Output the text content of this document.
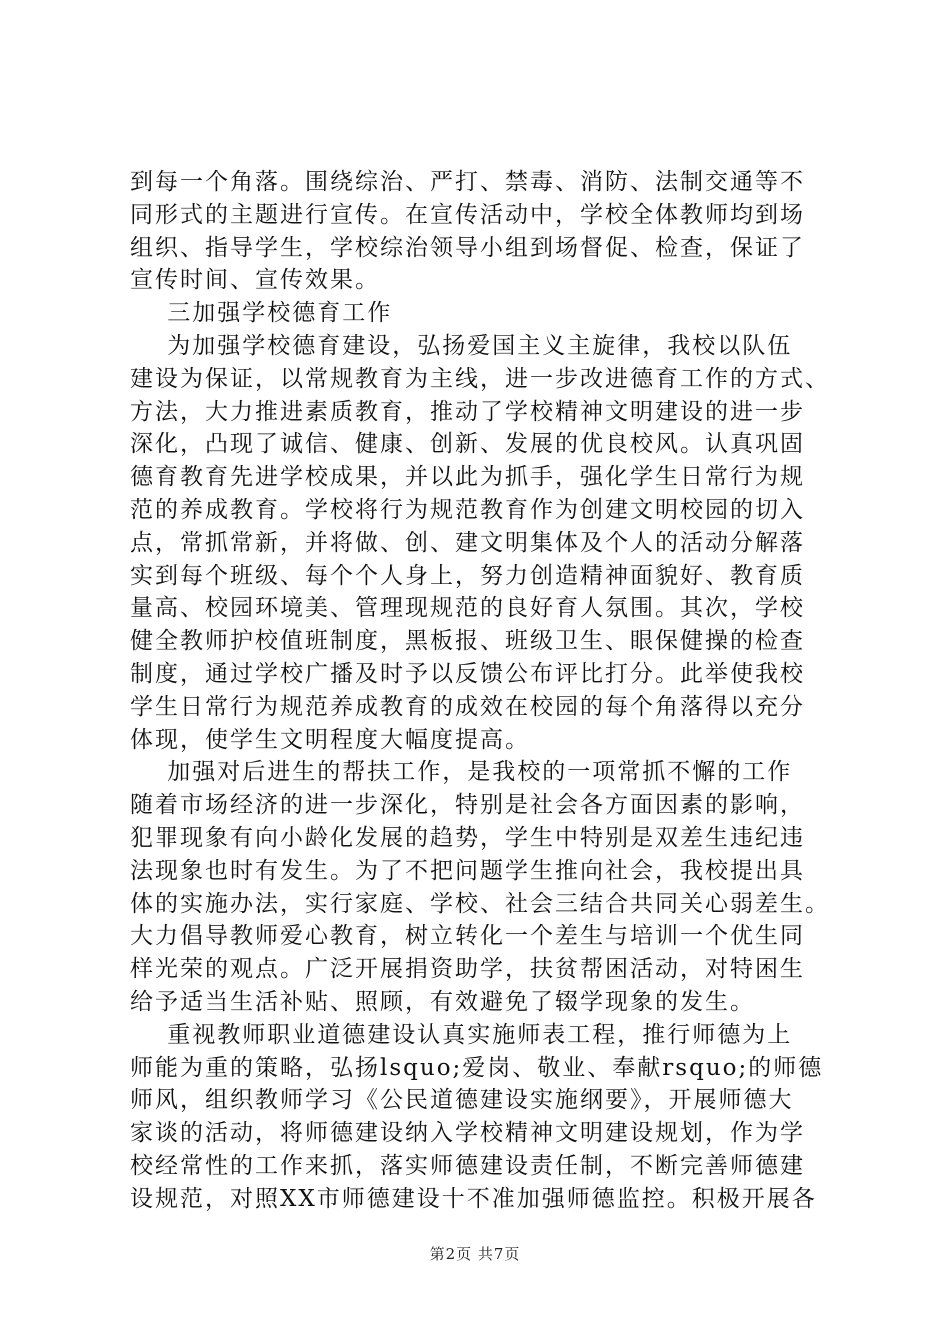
到每一个角落。围绕综治、严打、禁毒、消防、法制交通等不
同形式的主题进行宣传。在宣传活动中，学校全体教师均到场
组织、指导学生，学校综治领导小组到场督促、检查，保证了
宣传时间、宣传效果。

三加强学校德育工作

为加强学校德育建设，弘扬爱国主义主旋律，我校以队伍
建设为保证，以常规教育为主线，进一步改进德育工作的方式、
方法，大力推进素质教育，推动了学校精神文明建设的进一步
深化，凸现了诚信、健康、创新、发展的优良校风。认真巩固
德育教育先进学校成果，并以此为抓手，强化学生日常行为规
范的养成教育。学校将行为规范教育作为创建文明校园的切入
点，常抓常新，并将做、创、建文明集体及个人的活动分解落
实到每个班级、每个个人身上，努力创造精神面貌好、教育质
量高、校园环境美、管理现规范的良好育人氛围。其次，学校
健全教师护校值班制度，黑板报、班级卫生、眼保健操的检查
制度，通过学校广播及时予以反馈公布评比打分。此举使我校
学生日常行为规范养成教育的成效在校园的每个角落得以充分
体现，使学生文明程度大幅度提高。

加强对后进生的帮扶工作，是我校的一项常抓不懈的工作
随着市场经济的进一步深化，特别是社会各方面因素的影响，
犯罪现象有向小龄化发展的趋势，学生中特别是双差生违纪违
法现象也时有发生。为了不把问题学生推向社会，我校提出具
体的实施办法，实行家庭、学校、社会三结合共同关心弱差生。
大力倡导教师爱心教育，树立转化一个差生与培训一个优生同
样光荣的观点。广泛开展捐资助学，扶贫帮困活动，对特困生
给予适当生活补贴、照顾，有效避免了辍学现象的发生。

重视教师职业道德建设认真实施师表工程，推行师德为上
师能为重的策略，弘扬lsquo;爱岗、敬业、奉献rsquo;的师德
师风，组织教师学习《公民道德建设实施纲要》，开展师德大
家谈的活动，将师德建设纳入学校精神文明建设规划，作为学
校经常性的工作来抓，落实师德建设责任制，不断完善师德建
设规范，对照XX市师德建设十不准加强师德监控。积极开展各

第2页 共7页
